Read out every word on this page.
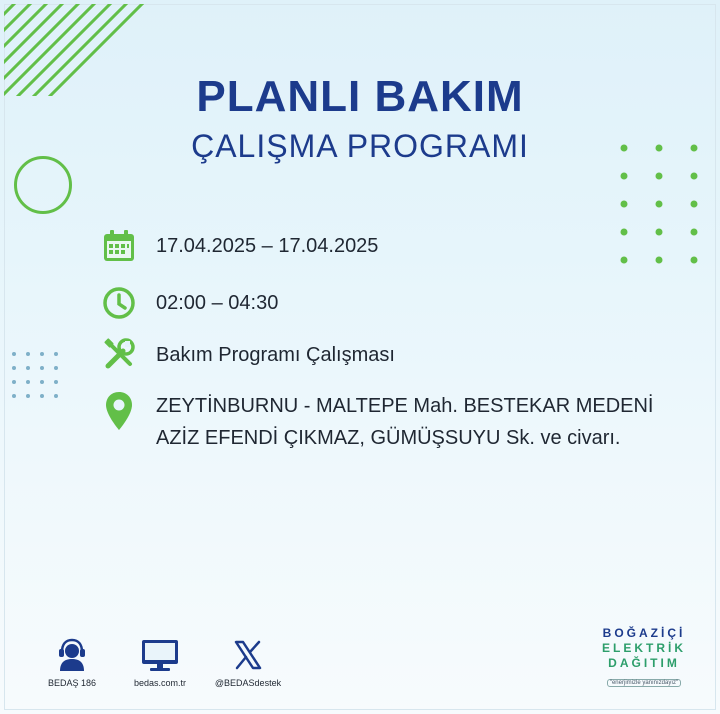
PLANLI BAKIM
ÇALIŞMA PROGRAMI
17.04.2025 – 17.04.2025
02:00 – 04:30
Bakım Programı Çalışması
ZEYTİNBURNU - MALTEPE Mah. BESTEKAR MEDENİ
AZİZ EFENDİ ÇIKMAZ, GÜMÜŞSUYU Sk. ve civarı.
BEDAŞ 186	bedas.com.tr	@BEDASdestek
BOĞAZİÇİ
ELEKTRİK
DAĞITIM
"enerjimizle yanınızdayız"
